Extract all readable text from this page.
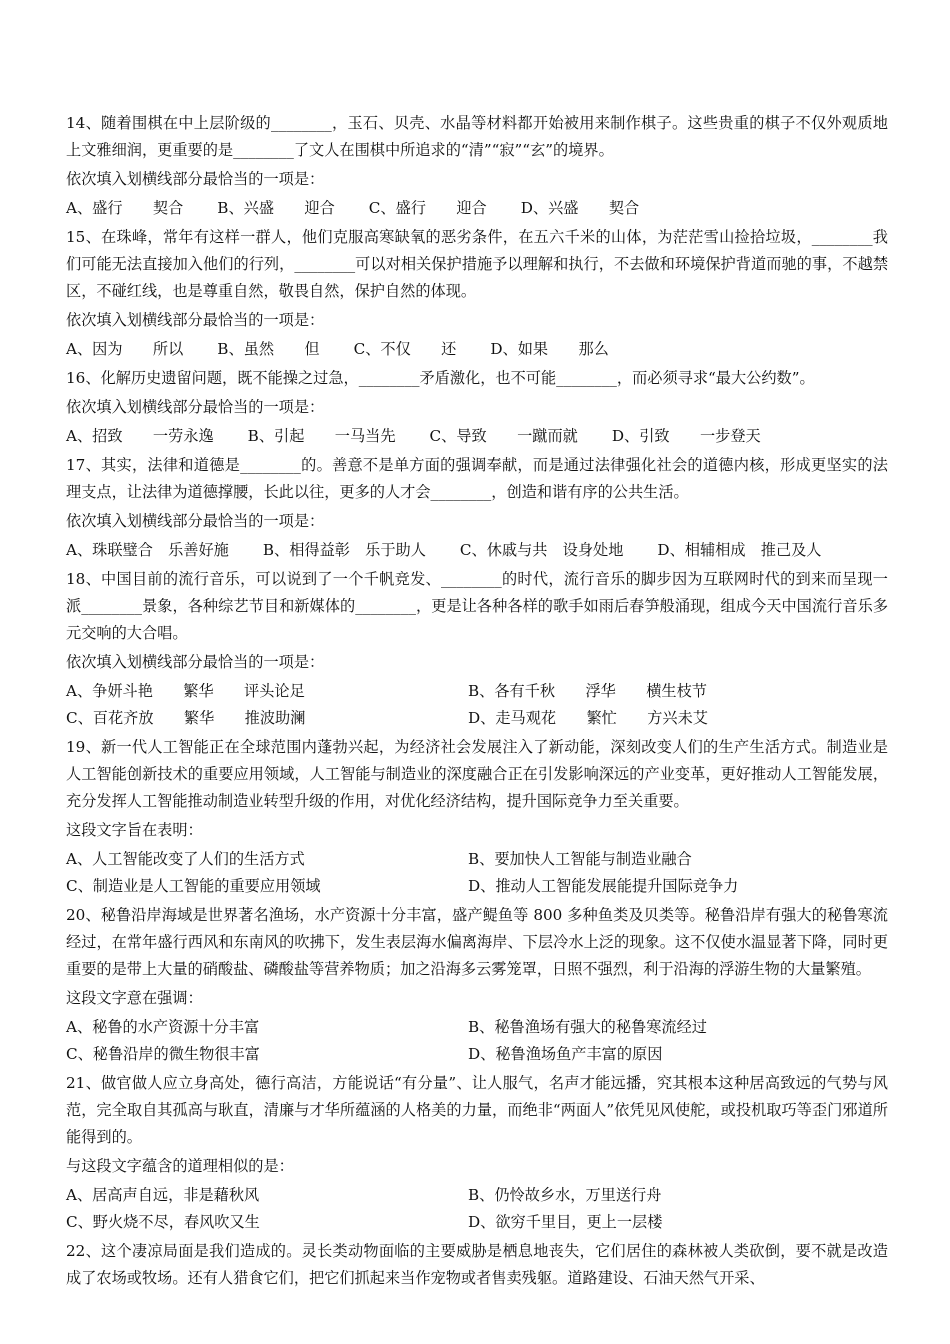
14、随着围棋在中上层阶级的________，玉石、贝壳、水晶等材料都开始被用来制作棋子。这些贵重的棋子不仅外观质地上文雅细润，更重要的是________了文人在围棋中所追求的“清”“寂”“玄”的境界。
依次填入划横线部分最恰当的一项是：
A、盛行　　契合 B、兴盛　　迎合 C、盛行　　迎合 D、兴盛　　契合
15、在珠峰，常年有这样一群人，他们克服高寒缺氧的恶劣条件，在五六千米的山体，为茫茫雪山捡拾垃圾，________我们可能无法直接加入他们的行列，________可以对相关保护措施予以理解和执行，不去做和环境保护背道而驰的事，不越禁区，不碰红线，也是尊重自然，敬畏自然，保护自然的体现。
依次填入划横线部分最恰当的一项是：
A、因为　　所以 B、虽然　　但 C、不仅　　还 D、如果　　那么
16、化解历史遗留问题，既不能操之过急，________矛盾激化，也不可能________，而必须寻求“最大公约数”。
依次填入划横线部分最恰当的一项是：
A、招致　　一劳永逸 B、引起　　一马当先 C、导致　　一蹴而就 D、引致　　一步登天
17、其实，法律和道德是________的。善意不是单方面的强调奉献，而是通过法律强化社会的道德内核，形成更坚实的法理支点，让法律为道德撑腰，长此以往，更多的人才会________，创造和谐有序的公共生活。
依次填入划横线部分最恰当的一项是：
A、珠联璧合　乐善好施 B、相得益彰　乐于助人 C、休戚与共　设身处地 D、相辅相成　推己及人
18、中国目前的流行音乐，可以说到了一个千帆竞发、________的时代，流行音乐的脚步因为互联网时代的到来而呈现一派________景象，各种综艺节目和新媒体的________，更是让各种各样的歌手如雨后春笋般涌现，组成今天中国流行音乐多元交响的大合唱。
依次填入划横线部分最恰当的一项是：
A、争妍斗艳　　繁华　　评头论足	B、各有千秋　　浮华　　横生枝节
C、百花齐放　　繁华　　推波助澜	D、走马观花　　繁忙　　方兴未艾
19、新一代人工智能正在全球范围内蓬勃兴起，为经济社会发展注入了新动能，深刻改变人们的生产生活方式。制造业是人工智能创新技术的重要应用领域，人工智能与制造业的深度融合正在引发影响深远的产业变革，更好推动人工智能发展，充分发挥人工智能推动制造业转型升级的作用，对优化经济结构，提升国际竞争力至关重要。
这段文字旨在表明：
A、人工智能改变了人们的生活方式	B、要加快人工智能与制造业融合
C、制造业是人工智能的重要应用领域	D、推动人工智能发展能提升国际竞争力
20、秘鲁沿岸海域是世界著名渔场，水产资源十分丰富，盛产鳀鱼等 800 多种鱼类及贝类等。秘鲁沿岸有强大的秘鲁寒流经过，在常年盛行西风和东南风的吹拂下，发生表层海水偏离海岸、下层冷水上泛的现象。这不仅使水温显著下降，同时更重要的是带上大量的硝酸盐、磷酸盐等营养物质；加之沿海多云雾笼罩，日照不强烈，利于沿海的浮游生物的大量繁殖。
这段文字意在强调：
A、秘鲁的水产资源十分丰富	B、秘鲁渔场有强大的秘鲁寒流经过
C、秘鲁沿岸的微生物很丰富	D、秘鲁渔场鱼产丰富的原因
21、做官做人应立身高处，德行高洁，方能说话“有分量”、让人服气，名声才能远播，究其根本这种居高致远的气势与风范，完全取自其孤高与耿直，清廉与才华所蕴涵的人格美的力量，而绝非“两面人”依凭见风使舵，或投机取巧等歪门邪道所能得到的。
与这段文字蕴含的道理相似的是：
A、居高声自远，非是藉秋风	B、仍怜故乡水，万里送行舟
C、野火烧不尽，春风吹又生	D、欲穷千里目，更上一层楼
22、这个凄凉局面是我们造成的。灵长类动物面临的主要威胁是栖息地丧失，它们居住的森林被人类砍倒，要不就是改造成了农场或牧场。还有人猎食它们，把它们抓起来当作宠物或者售卖残躯。道路建设、石油天然气开采、
